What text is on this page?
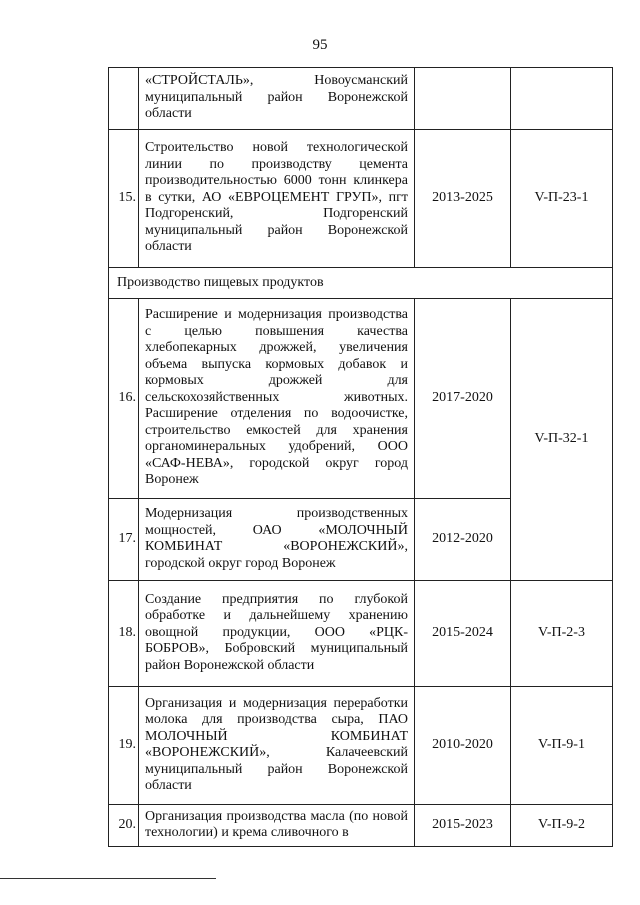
95
	«СТРОЙСТАЛЬ», Новоусманский муниципальный район Воронежской области		
15.	Строительство новой технологической линии по производству цемента производительностью 6000 тонн клинкера в сутки, АО «ЕВРОЦЕМЕНТ ГРУП», пгт Подгоренский, Подгоренский муниципальный район Воронежской области	2013-2025	V-П-23-1
Производство пищевых продуктов			
16.	Расширение и модернизация производства с целью повышения качества хлебопекарных дрожжей, увеличения объема выпуска кормовых добавок и кормовых дрожжей для сельскохозяйственных животных. Расширение отделения по водоочистке, строительство емкостей для хранения органоминеральных удобрений, ООО «САФ-НЕВА», городской округ город Воронеж	2017-2020	V-П-32-1
17.	Модернизация производственных мощностей, ОАО «МОЛОЧНЫЙ КОМБИНАТ «ВОРОНЕЖСКИЙ», городской округ город Воронеж	2012-2020	
18.	Создание предприятия по глубокой обработке и дальнейшему хранению овощной продукции, ООО «РЦК-БОБРОВ», Бобровский муниципальный район Воронежской области	2015-2024	V-П-2-3
19.	Организация и модернизация переработки молока для производства сыра, ПАО МОЛОЧНЫЙ КОМБИНАТ «ВОРОНЕЖСКИЙ», Калачеевский муниципальный район Воронежской области	2010-2020	V-П-9-1
20.	Организация производства масла (по новой технологии) и крема сливочного в	2015-2023	V-П-9-2
